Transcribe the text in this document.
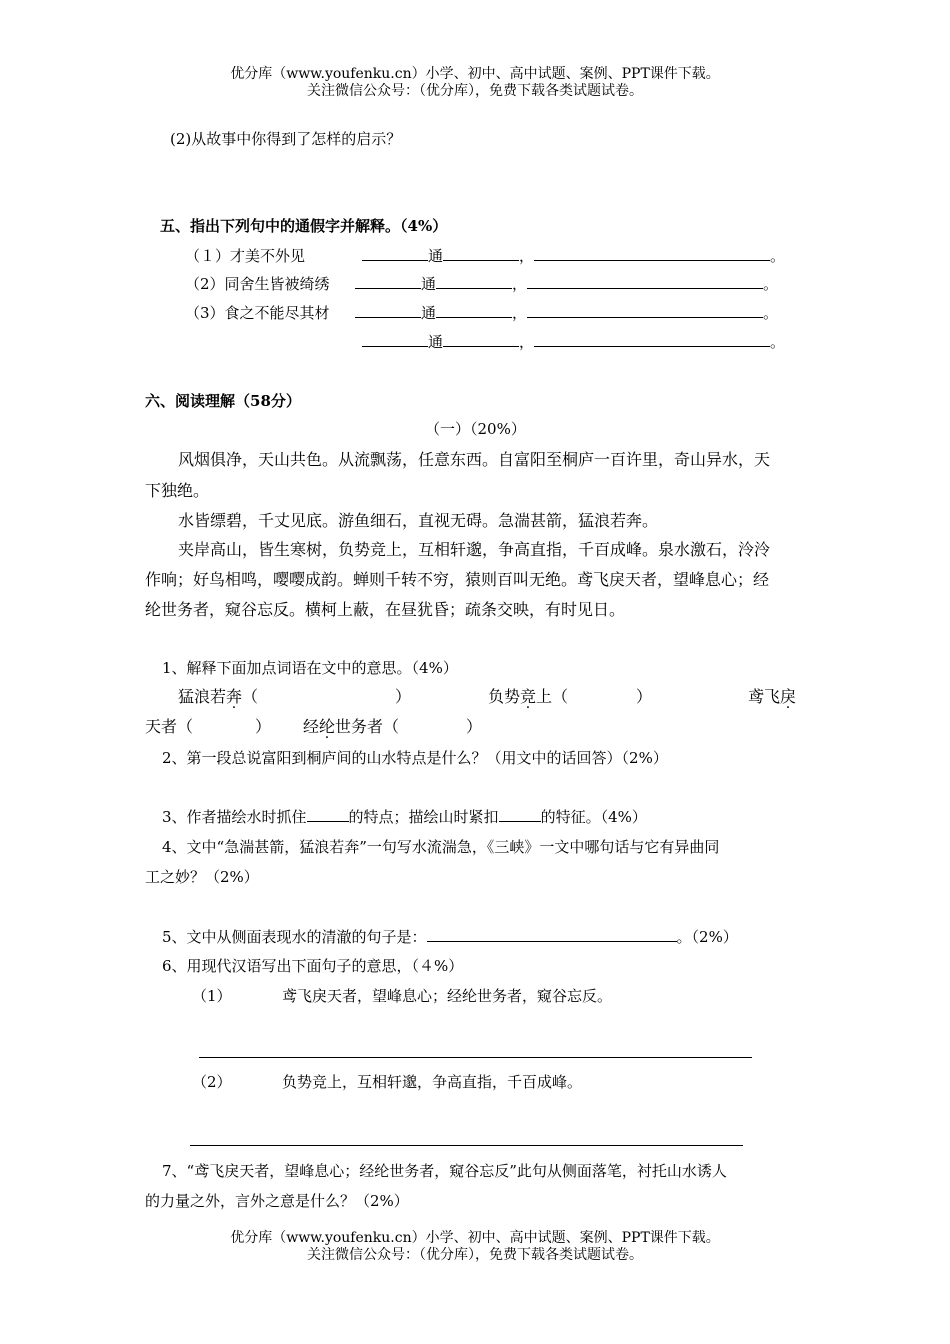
优分库（www.youfenku.cn）小学、初中、高中试题、案例、PPT课件下载。
关注微信公众号：（优分库），免费下载各类试题试卷。
(2)从故事中你得到了怎样的启示？
五、指出下列句中的通假字并解释。（4%）
（１）才美不外见	通	，	。
（2）同舍生皆被绮绣	通	，	。
（3）食之不能尽其材	通	，	。
通	，	。
六、阅读理解（58分）
（一）（20%）
风烟俱净，天山共色。从流飘荡，任意东西。自富阳至桐庐一百许里，奇山异水，天
下独绝。
水皆缥碧，千丈见底。游鱼细石，直视无碍。急湍甚箭，猛浪若奔。
夹岸高山，皆生寒树，负势竞上，互相轩邈，争高直指，千百成峰。泉水激石，泠泠
作响；好鸟相鸣，嘤嘤成韵。蝉则千转不穷，猿则百叫无绝。鸢飞戾天者，望峰息心；经
纶世务者，窥谷忘反。横柯上蔽，在昼犹昏；疏条交映，有时见日。
1、解释下面加点词语在文中的意思。（4%）
猛浪若奔（	）	负势竞上（	）	鸢飞戾
天者（	） 经纶世务者（	）
2、第一段总说富阳到桐庐间的山水特点是什么？（用文中的话回答）（2%）
3、作者描绘水时抓住	的特点；描绘山时紧扣	的特征。（4%）
4、文中“急湍甚箭，猛浪若奔”一句写水流湍急，《三峡》一文中哪句话与它有异曲同
工之妙？（2%）
5、文中从侧面表现水的清澈的句子是：	。（2%）
6、用现代汉语写出下面句子的意思，（４%）
（1）	鸢飞戾天者，望峰息心；经纶世务者，窥谷忘反。
（2）	负势竞上，互相轩邈，争高直指，千百成峰。
7、“鸢飞戾天者，望峰息心；经纶世务者，窥谷忘反”此句从侧面落笔，衬托山水诱人
的力量之外，言外之意是什么？（2%）
优分库（www.youfenku.cn）小学、初中、高中试题、案例、PPT课件下载。
关注微信公众号：（优分库），免费下载各类试题试卷。
